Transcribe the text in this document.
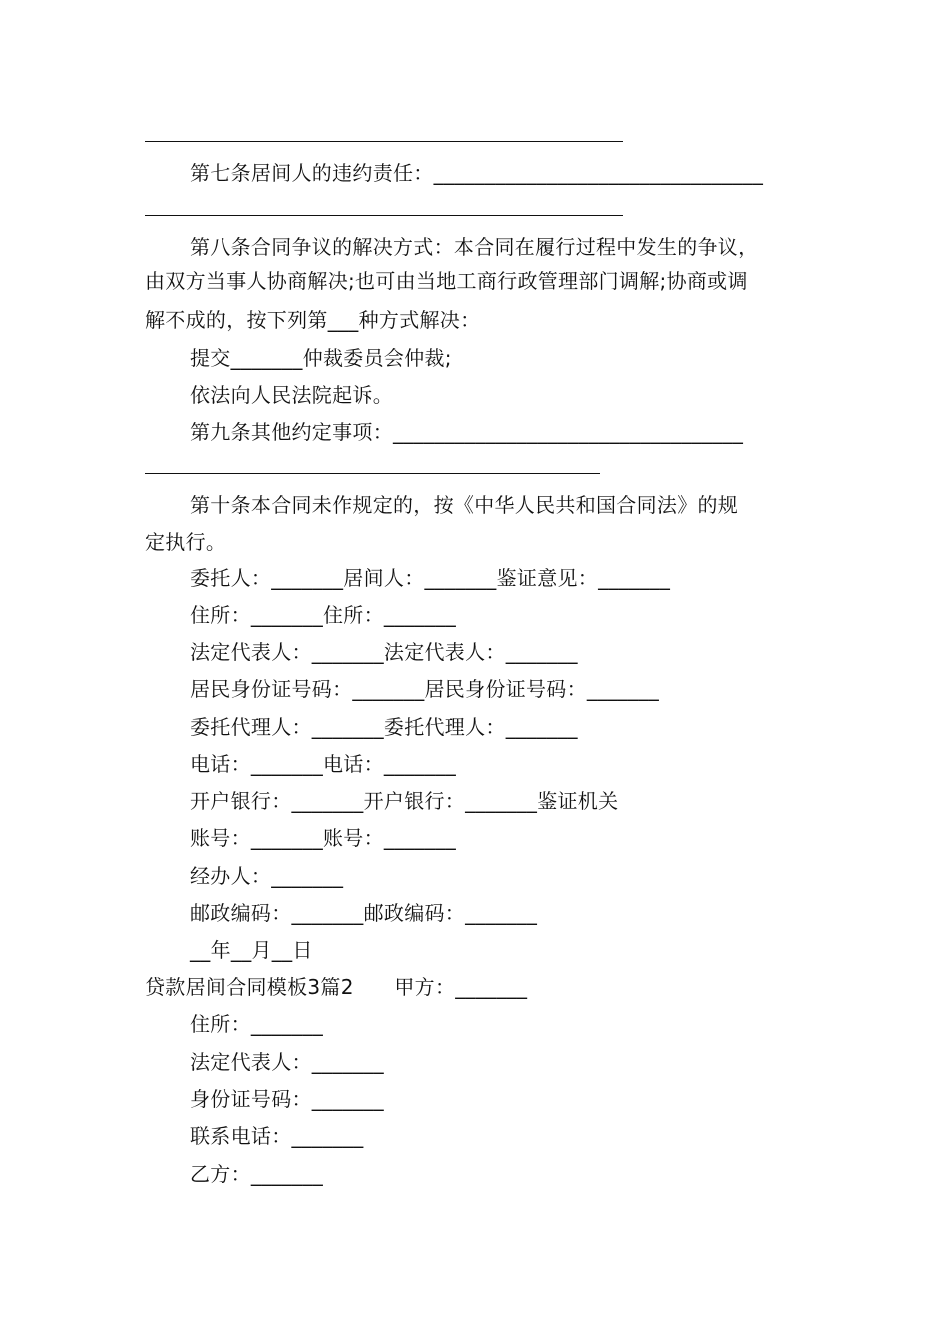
第七条居间人的违约责任：________________________________
第八条合同争议的解决方式：本合同在履行过程中发生的争议，
由双方当事人协商解决;也可由当地工商行政管理部门调解;协商或调
解不成的，按下列第___种方式解决：
提交_______仲裁委员会仲裁;
依法向人民法院起诉。
第九条其他约定事项：__________________________________
第十条本合同未作规定的，按《中华人民共和国合同法》的规
定执行。
委托人：_______居间人：_______鉴证意见：_______
住所：_______住所：_______
法定代表人：_______法定代表人：_______
居民身份证号码：_______居民身份证号码：_______
委托代理人：_______委托代理人：_______
电话：_______电话：_______
开户银行：_______开户银行：_______鉴证机关
账号：_______账号：_______
经办人：_______
邮政编码：_______邮政编码：_______
__年__月__日
贷款居间合同模板3篇2　　甲方：_______
住所：_______
法定代表人：_______
身份证号码：_______
联系电话：_______
乙方：_______
